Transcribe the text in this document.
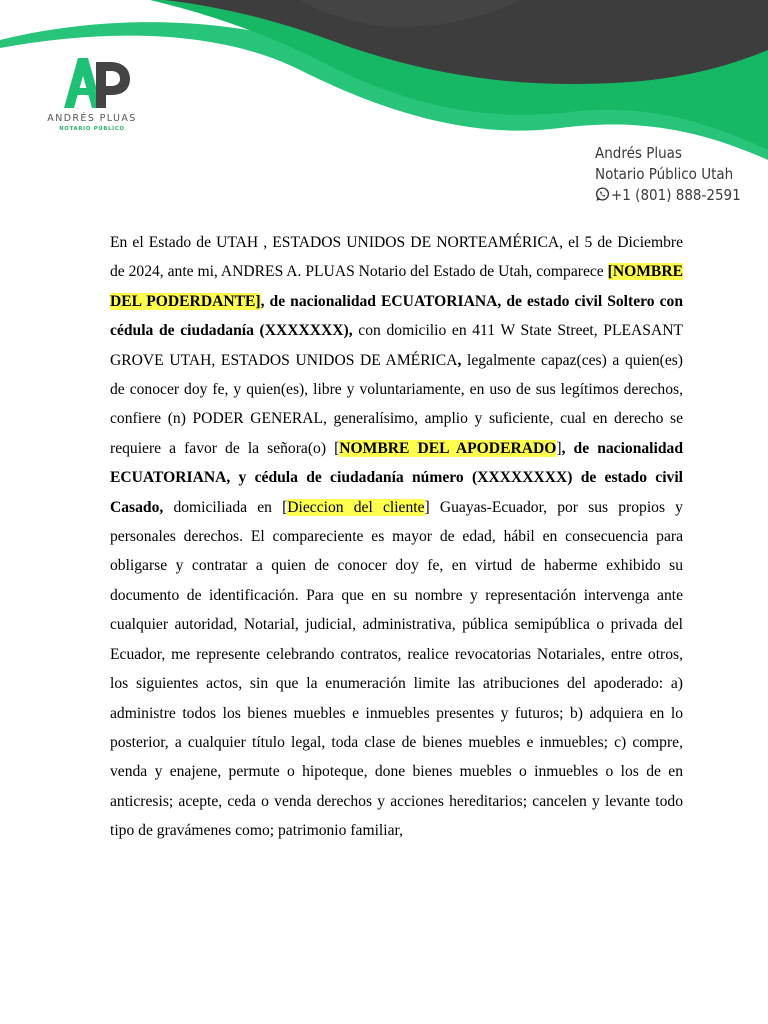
ANDRÉS PLUAS
NOTARIO PÚBLICO
Andrés Pluas
Notario Público Utah
+1 (801) 888-2591
En el Estado de UTAH , ESTADOS UNIDOS DE NORTEAMÉRICA, el 5 de Diciembre de 2024, ante mi, ANDRES A. PLUAS Notario del Estado de Utah, comparece [NOMBRE DEL PODERDANTE], de nacionalidad ECUATORIANA, de estado civil Soltero con cédula de ciudadanía (XXXXXXX), con domicilio en 411 W State Street, PLEASANT GROVE UTAH, ESTADOS UNIDOS DE AMÉRICA, legalmente capaz(ces) a quien(es) de conocer doy fe, y quien(es), libre y voluntariamente, en uso de sus legítimos derechos, confiere (n) PODER GENERAL, generalísimo, amplio y suficiente, cual en derecho se requiere a favor de la señora(o) [NOMBRE DEL APODERADO], de nacionalidad ECUATORIANA, y cédula de ciudadanía número (XXXXXXXX) de estado civil Casado, domiciliada en [Dieccion del cliente] Guayas-Ecuador, por sus propios y personales derechos. El compareciente es mayor de edad, hábil en consecuencia para obligarse y contratar a quien de conocer doy fe, en virtud de haberme exhibido su documento de identificación. Para que en su nombre y representación intervenga ante cualquier autoridad, Notarial, judicial, administrativa, pública semipública o privada del Ecuador, me represente celebrando contratos, realice revocatorias Notariales, entre otros, los siguientes actos, sin que la enumeración limite las atribuciones del apoderado: a) administre todos los bienes muebles e inmuebles presentes y futuros; b) adquiera en lo posterior, a cualquier título legal, toda clase de bienes muebles e inmuebles; c) compre, venda y enajene, permute o hipoteque, done bienes muebles o inmuebles o los de en anticresis; acepte, ceda o venda derechos y acciones hereditarios; cancelen y levante todo tipo de gravámenes como; patrimonio familiar,
